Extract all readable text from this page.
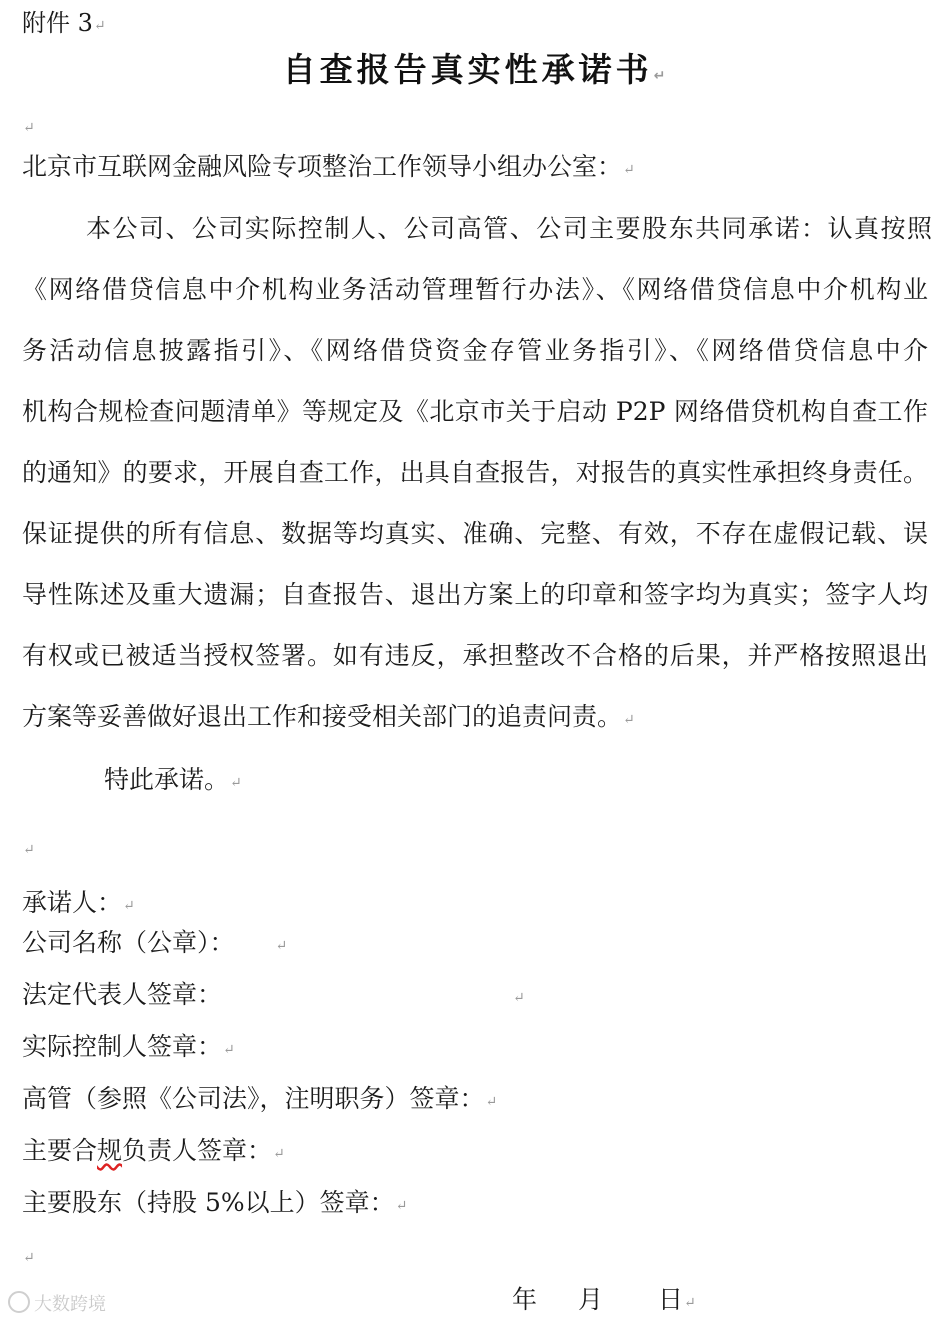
附件 3↵
自查报告真实性承诺书↵
↵
北京市互联网金融风险专项整治工作领导小组办公室：↵
本公司、公司实际控制人、公司高管、公司主要股东共同承诺：认真按照
《网络借贷信息中介机构业务活动管理暂行办法》、《网络借贷信息中介机构业
务活动信息披露指引》、《网络借贷资金存管业务指引》、《网络借贷信息中介
机构合规检查问题清单》等规定及《北京市关于启动 P2P 网络借贷机构自查工作
的通知》的要求，开展自查工作，出具自查报告，对报告的真实性承担终身责任。
保证提供的所有信息、数据等均真实、准确、完整、有效，不存在虚假记载、误
导性陈述及重大遗漏；自查报告、退出方案上的印章和签字均为真实；签字人均
有权或已被适当授权签署。如有违反，承担整改不合格的后果，并严格按照退出
方案等妥善做好退出工作和接受相关部门的追责问责。↵
特此承诺。↵
↵
承诺人：↵
公司名称（公章）：	↵
法定代表人签章：	↵
实际控制人签章：↵
高管（参照《公司法》，注明职务）签章：↵
主要合规负责人签章：↵
主要股东（持股 5%以上）签章：↵
↵
年 月 日↵
大数跨境
